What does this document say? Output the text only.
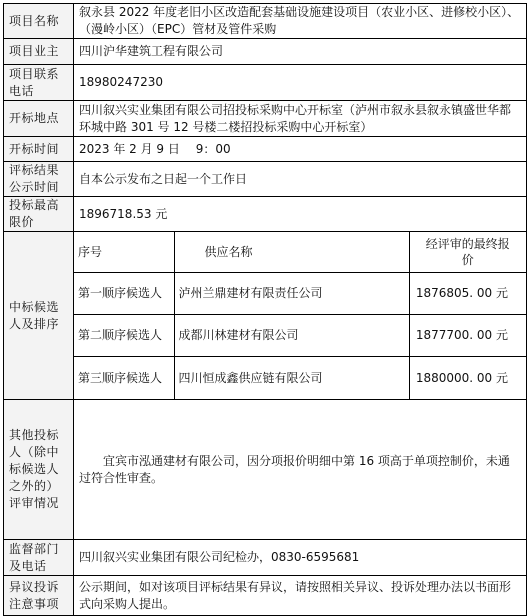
项目名称	叙永县 2022 年度老旧小区改造配套基础设施建设项目（农业小区、进修校小区）、（漫岭小区）（EPC）管材及管件采购
项目业主	四川沪华建筑工程有限公司
项目联系电话	18980247230
开标地点	四川叙兴实业集团有限公司招投标采购中心开标室（泸州市叙永县叙永镇盛世华都环城中路 301 号 12 号楼二楼招投标采购中心开标室）
开标时间	2023 年 2 月 9 日　 9：00
评标结果公示时间	自本公示发布之日起一个工作日
投标最高限价	1896718.53 元
中标候选人及排序	
序号	供应名称	经评审的最终报价
第一顺序候选人	泸州兰鼎建材有限责任公司	1876805. 00 元
第二顺序候选人	成都川林建材有限公司	1877700. 00 元
第三顺序候选人	四川恒成鑫供应链有限公司	1880000. 00 元

其他投标人（除中标候选人之外的）评审情况	宜宾市泓通建材有限公司，因分项报价明细中第 16 项高于单项控制价，未通过符合性审查。
监督部门及电话	四川叙兴实业集团有限公司纪检办，0830-6595681
异议投诉注意事项	公示期间，如对该项目评标结果有异议，请按照相关异议、投诉处理办法以书面形式向采购人提出。
